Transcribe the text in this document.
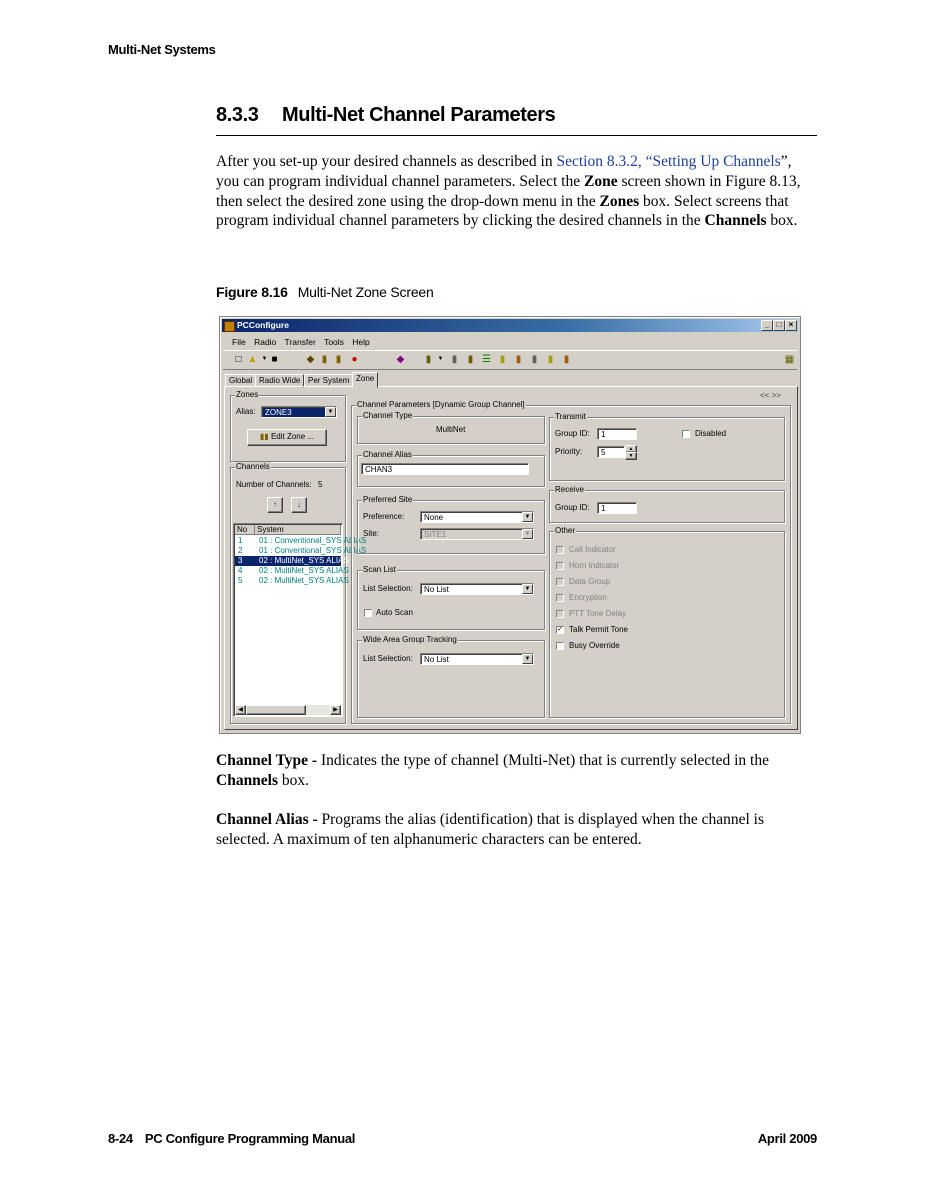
Multi-Net Systems
8.3.3 Multi-Net Channel Parameters
After you set-up your desired channels as described in Section 8.3.2, “Setting Up Channels”, you can program individual channel parameters. Select the Zone screen shown in Figure 8.13, then select the desired zone using the drop-down menu in the Zones box. Select screens that program individual channel parameters by clicking the desired channels in the Channels box.
Figure 8.16 Multi-Net Zone Screen
PCConfigure	_ □ ×
File Radio Transfer Tools Help
□ ▲ ▼ ■	◆ ▮ ▮ ●	◆ ▮	▼ ▮ ▮ ☰ ▮ ▮ ▮ ▮ ▮	▦
Global Radio Wide Per System Zone
<< >>
Zones
Alias:	ZONE3	▼
▮▮ Edit Zone ...
Channels
Number of Channels: 5
↑	↓
No	System
1 01 : Conventional_SYS ALIAS
2 01 : Conventional_SYS ALIAS
3 02 : MultiNet_SYS ALIAS
4 02 : MultiNet_SYS ALIAS
5 02 : MultiNet_SYS ALIAS
◀	▶
Channel Parameters [Dynamic Group Channel]
Channel Type
MultiNet
Channel Alias
CHAN3
Preferred Site
Preference:	None	▼
Site:	SITE1	▼
Scan List
List Selection:	No List	▼
Auto Scan
Wide Area Group Tracking
List Selection:	No List	▼
Transmit
Group ID:	1	Disabled
Priority:	5	▲
▼
Receive
Group ID:	1
Other
Call Indicator
Horn Indicator
Data Group
Encryption
PTT Tone Delay
✓ Talk Permit Tone
Busy Override
Channel Type - Indicates the type of channel (Multi-Net) that is currently selected in the Channels box.
Channel Alias - Programs the alias (identification) that is displayed when the channel is selected. A maximum of ten alphanumeric characters can be entered.
8-24 PC Configure Programming Manual	April 2009
